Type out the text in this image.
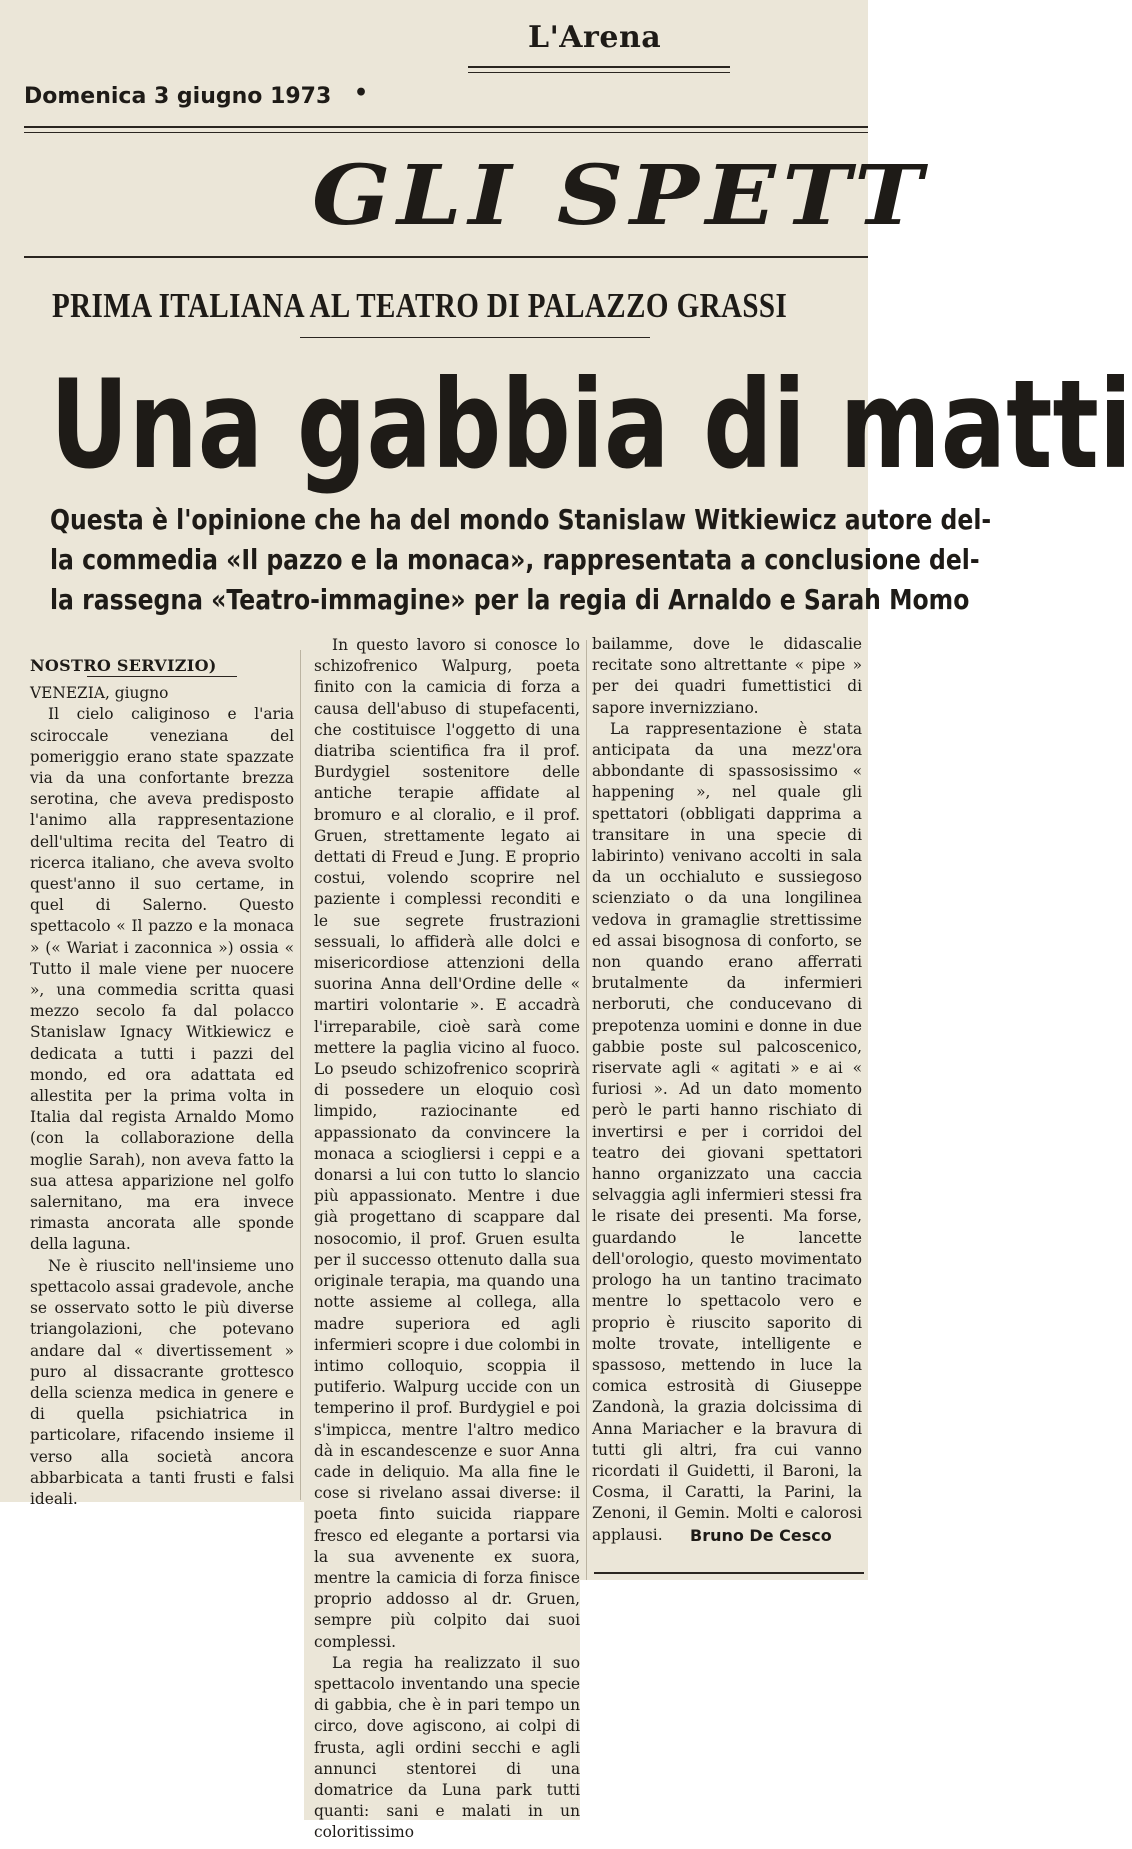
L'Arena
Domenica 3 giugno 1973 •
GLI SPETT
PRIMA ITALIANA AL TEATRO DI PALAZZO GRASSI
Una gabbia di matti
Questa è l'opinione che ha del mondo Stanislaw Witkiewicz autore del-
la commedia «Il pazzo e la monaca», rappresentata a conclusione del-
la rassegna «Teatro-immagine» per la regia di Arnaldo e Sarah Momo

NOSTRO SERVIZIO)

VENEZIA, giugno

Il cielo caliginoso e l'aria sciroccale veneziana del pomeriggio erano state spazzate via da una confortante brezza serotina, che aveva predisposto l'animo alla rappresentazione dell'ultima recita del Teatro di ricerca italiano, che aveva svolto quest'anno il suo certame, in quel di Salerno. Questo spettacolo « Il pazzo e la monaca » (« Wariat i zaconnica ») ossia « Tutto il male viene per nuocere », una commedia scritta quasi mezzo secolo fa dal polacco Stanislaw Ignacy Witkiewicz e dedicata a tutti i pazzi del mondo, ed ora adattata ed allestita per la prima volta in Italia dal regista Arnaldo Momo (con la collaborazione della moglie Sarah), non aveva fatto la sua attesa apparizione nel golfo salernitano, ma era invece rimasta ancorata alle sponde della laguna.

Ne è riuscito nell'insieme uno spettacolo assai gradevole, anche se osservato sotto le più diverse triangolazioni, che potevano andare dal « divertissement » puro al dissacrante grottesco della scienza medica in genere e di quella psichiatrica in particolare, rifacendo insieme il verso alla società ancora abbarbicata a tanti frusti e falsi ideali.

In questo lavoro si conosce lo schizofrenico Walpurg, poeta finito con la camicia di forza a causa dell'abuso di stupefacenti, che costituisce l'oggetto di una diatriba scientifica fra il prof. Burdygiel sostenitore delle antiche terapie affidate al bromuro e al cloralio, e il prof. Gruen, strettamente legato ai dettati di Freud e Jung. E proprio costui, volendo scoprire nel paziente i complessi reconditi e le sue segrete frustrazioni sessuali, lo affiderà alle dolci e misericordiose attenzioni della suorina Anna dell'Ordine delle « martiri volontarie ». E accadrà l'irreparabile, cioè sarà come mettere la paglia vicino al fuoco. Lo pseudo schizofrenico scoprirà di possedere un eloquio così limpido, raziocinante ed appassionato da convincere la monaca a sciogliersi i ceppi e a donarsi a lui con tutto lo slancio più appassionato. Mentre i due già progettano di scappare dal nosocomio, il prof. Gruen esulta per il successo ottenuto dalla sua originale terapia, ma quando una notte assieme al collega, alla madre superiora ed agli infermieri scopre i due colombi in intimo colloquio, scoppia il putiferio. Walpurg uccide con un temperino il prof. Burdygiel e poi s'impicca, mentre l'altro medico dà in escandescenze e suor Anna cade in deliquio. Ma alla fine le cose si rivelano assai diverse: il poeta finto suicida riappare fresco ed elegante a portarsi via la sua avvenente ex suora, mentre la camicia di forza finisce proprio addosso al dr. Gruen, sempre più colpito dai suoi complessi.

La regia ha realizzato il suo spettacolo inventando una specie di gabbia, che è in pari tempo un circo, dove agiscono, ai colpi di frusta, agli ordini secchi e agli annunci stentorei di una domatrice da Luna park tutti quanti: sani e malati in un coloritissimo

bailamme, dove le didascalie recitate sono altrettante « pipe » per dei quadri fumettistici di sapore invernizziano.

La rappresentazione è stata anticipata da una mezz'ora abbondante di spassosissimo « happening », nel quale gli spettatori (obbligati dapprima a transitare in una specie di labirinto) venivano accolti in sala da un occhialuto e sussiegoso scienziato o da una longilinea vedova in gramaglie strettissime ed assai bisognosa di conforto, se non quando erano afferrati brutalmente da infermieri nerboruti, che conducevano di prepotenza uomini e donne in due gabbie poste sul palcoscenico, riservate agli « agitati » e ai « furiosi ». Ad un dato momento però le parti hanno rischiato di invertirsi e per i corridoi del teatro dei giovani spettatori hanno organizzato una caccia selvaggia agli infermieri stessi fra le risate dei presenti. Ma forse, guardando le lancette dell'orologio, questo movimentato prologo ha un tantino tracimato mentre lo spettacolo vero e proprio è riuscito saporito di molte trovate, intelligente e spassoso, mettendo in luce la comica estrosità di Giuseppe Zandonà, la grazia dolcissima di Anna Mariacher e la bravura di tutti gli altri, fra cui vanno ricordati il Guidetti, il Baroni, la Cosma, il Caratti, la Parini, la Zenoni, il Gemin. Molti e calorosi applausi.	Bruno De Cesco
